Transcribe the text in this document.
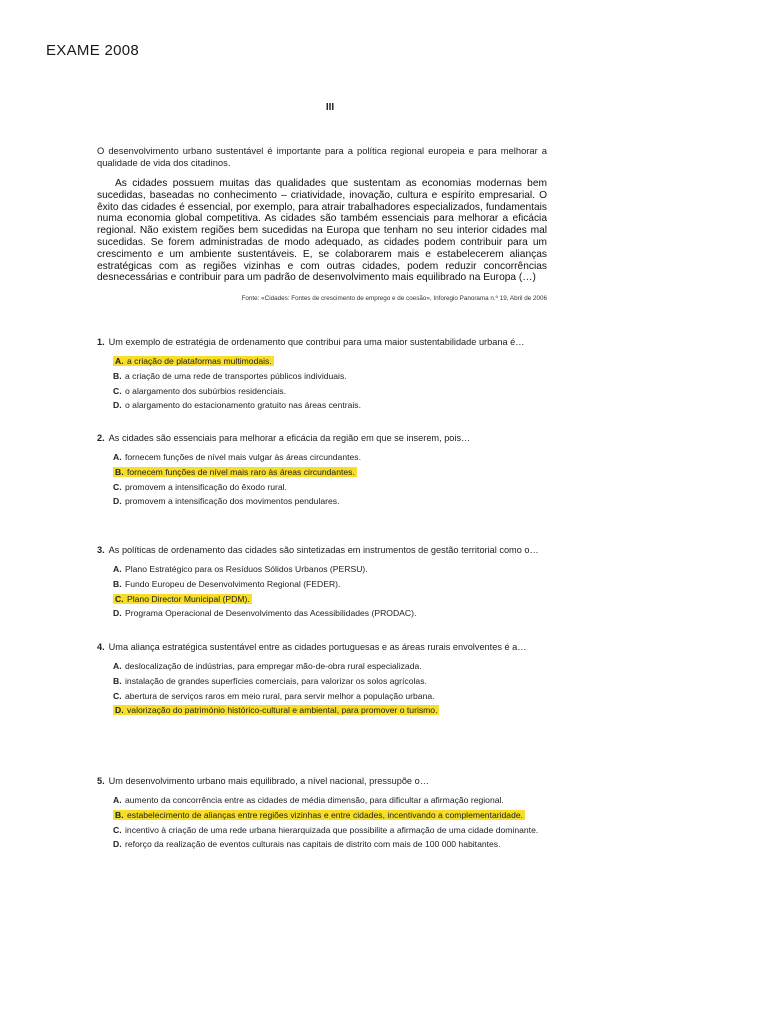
EXAME 2008
III

O desenvolvimento urbano sustentável é importante para a política regional europeia e para melhorar a qualidade de vida dos citadinos.

As cidades possuem muitas das qualidades que sustentam as economias modernas bem sucedidas, baseadas no conhecimento – criatividade, inovação, cultura e espírito empresarial. O êxito das cidades é essencial, por exemplo, para atrair trabalhadores especializados, fundamentais numa economia global competitiva. As cidades são também essenciais para melhorar a eficácia regional. Não existem regiões bem sucedidas na Europa que tenham no seu interior cidades mal sucedidas. Se forem administradas de modo adequado, as cidades podem contribuir para um crescimento e um ambiente sustentáveis. E, se colaborarem mais e estabelecerem alianças estratégicas com as regiões vizinhas e com outras cidades, podem reduzir concorrências desnecessárias e contribuir para um padrão de desenvolvimento mais equilibrado na Europa (…)

Fonte: «Cidades: Fontes de crescimento de emprego e de coesão», Inforegio Panorama n.º 19, Abril de 2006

1. Um exemplo de estratégia de ordenamento que contribui para uma maior sustentabilidade urbana é…

A. a criação de plataformas multimodais.
B. a criação de uma rede de transportes públicos individuais.
C. o alargamento dos subúrbios residenciais.
D. o alargamento do estacionamento gratuito nas áreas centrais.

2. As cidades são essenciais para melhorar a eficácia da região em que se inserem, pois…

A. fornecem funções de nível mais vulgar às áreas circundantes.
B. fornecem funções de nível mais raro às áreas circundantes.
C. promovem a intensificação do êxodo rural.
D. promovem a intensificação dos movimentos pendulares.

3. As políticas de ordenamento das cidades são sintetizadas em instrumentos de gestão territorial como o…

A. Plano Estratégico para os Resíduos Sólidos Urbanos (PERSU).
B. Fundo Europeu de Desenvolvimento Regional (FEDER).
C. Plano Director Municipal (PDM).
D. Programa Operacional de Desenvolvimento das Acessibilidades (PRODAC).

4. Uma aliança estratégica sustentável entre as cidades portuguesas e as áreas rurais envolventes é a…

A. deslocalização de indústrias, para empregar mão-de-obra rural especializada.
B. instalação de grandes superfícies comerciais, para valorizar os solos agrícolas.
C. abertura de serviços raros em meio rural, para servir melhor a população urbana.
D. valorização do património histórico-cultural e ambiental, para promover o turismo.

5. Um desenvolvimento urbano mais equilibrado, a nível nacional, pressupõe o…

A. aumento da concorrência entre as cidades de média dimensão, para dificultar a afirmação regional.
B. estabelecimento de alianças entre regiões vizinhas e entre cidades, incentivando a complementaridade.
C. incentivo à criação de uma rede urbana hierarquizada que possibilite a afirmação de uma cidade dominante.
D. reforço da realização de eventos culturais nas capitais de distrito com mais de 100 000 habitantes.
